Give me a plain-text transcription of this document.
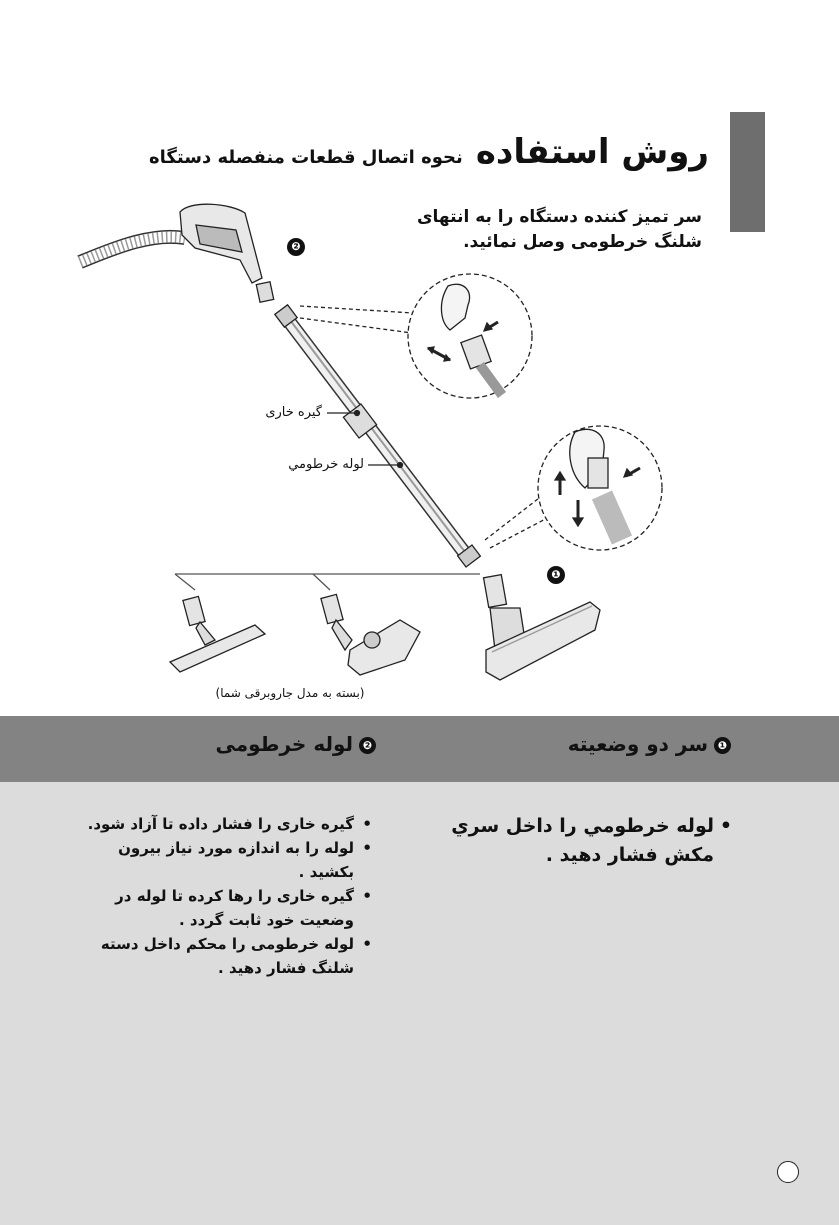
روش استفاده نحوه اتصال قطعات منفصله دستگاه
سر تمیز کننده دستگاه را به انتهای شلنگ خرطومی وصل نمائید.
❷
❶
گیره خاری
لوله خرطومي
(بسته به مدل جاروبرقی شما)
❶سر دو وضعیته
❷لوله خرطومی
• لوله خرطومي را داخل سري مكش فشار دهيد .
• گیره خاری را فشار داده تا آزاد شود.
• لوله را به اندازه مورد نیاز بیرون بکشید .
• گیره خاری را رها کرده تا لوله در وضعیت خود ثابت گردد .
• لوله خرطومی را محکم داخل دسته شلنگ فشار دهید .
